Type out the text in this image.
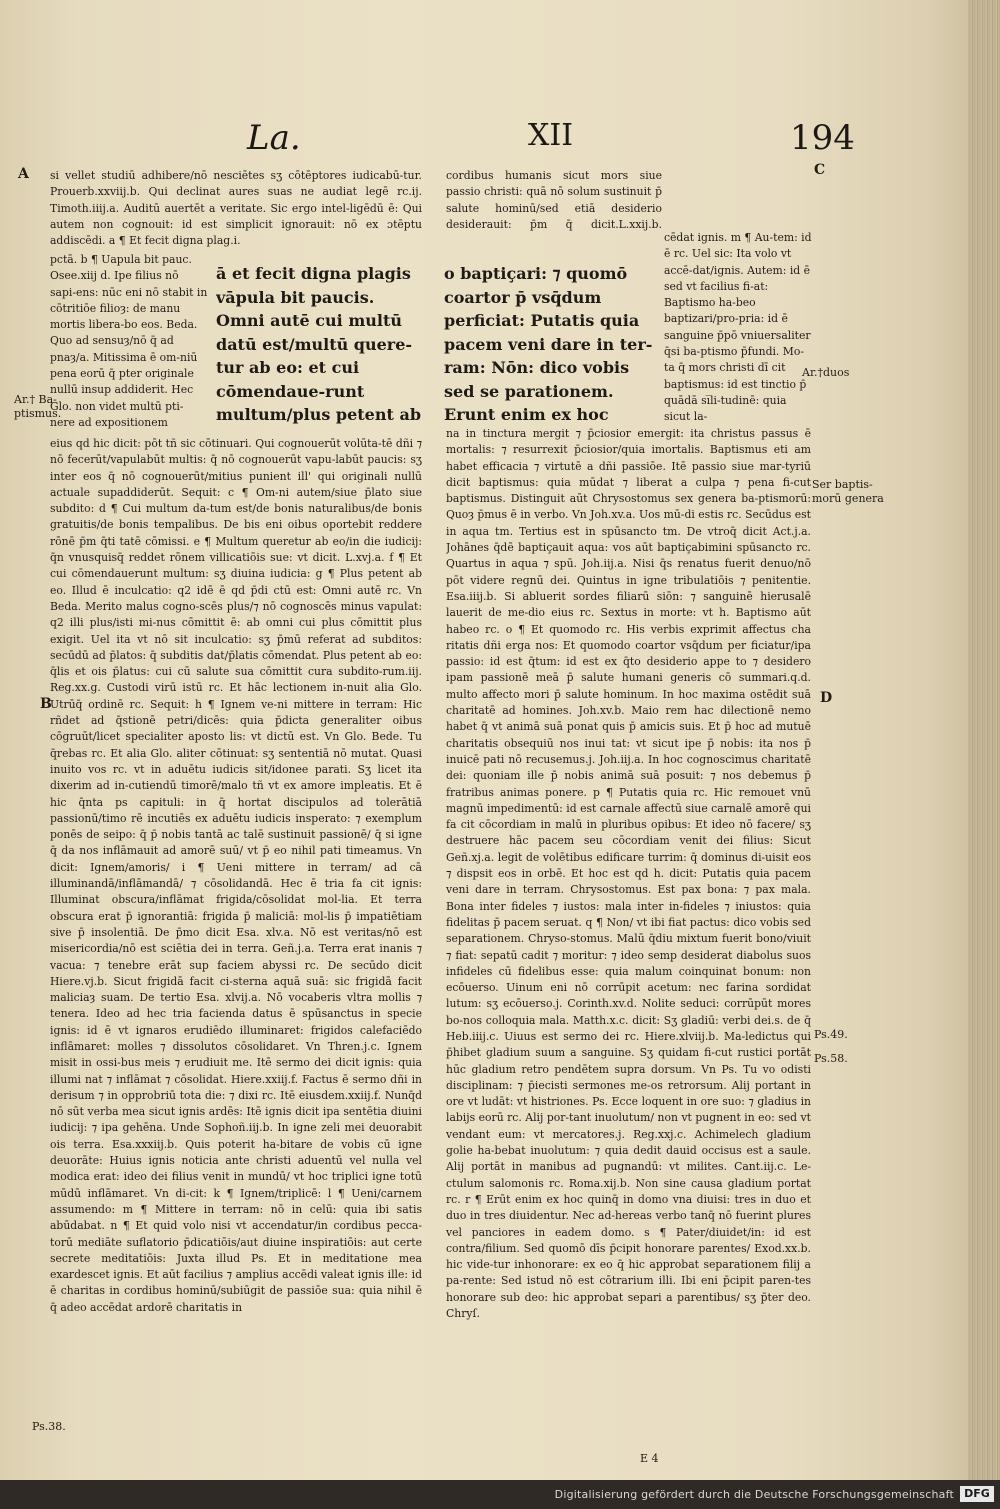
La.	XII	194
A
B
C
D
Ar.† Ba-
ptismus.
Ar.†duos
Ser baptis-
morū genera
Ps.49.
Ps.58.
Ps.38.

si vellet studiū adhibere/nō nesciētes sʒ cōtēptores iudicabū-tur. Prouerb.xxviij.b. Qui declinat aures suas ne audiat legē rc.ij. Timoth.iiij.a. Auditū auertēt a veritate. Sic ergo intel-ligēdū ē: Qui autem non cognouit: id est simplicit ignorauit: nō ex ɔtēptu addiscēdi. a ¶ Et fecit digna plag.i.

eius qd hic dicit: pōt tñ sic cōtinuari. Qui cognouerūt volūta-tē dñi ⁊ nō fecerūt/vapulabūt multis: q̄ nō cognouerūt vapu-labūt paucis: sʒ inter eos q̄ nō cognouerūt/mitius punient ill' qui originali nullū actuale supaddiderūt. Sequit: c ¶ Om-ni autem/siue p̄lato siue subdito: d ¶ Cui multum da-tum est/de bonis naturalibus/de bonis gratuitis/de bonis tempalibus. De bis eni oibus oportebit reddere rōnē p̄m q̄ti tatē cōmissi. e ¶ Multum queretur ab eo/in die iudicij: q̄n vnusquisq̄ reddet rōnem villicatiōis sue: vt dicit. L.xvj.a. f ¶ Et cui cōmendauerunt multum: sʒ diuina iudicia: g ¶ Plus petent ab eo. Illud ē inculcatio: q2 idē ē qd p̄di ctū est: Omni autē rc. Vn Beda. Merito malus cogno-scēs plus/⁊ nō cognoscēs minus vapulat: q2 illi plus/isti mi-nus cōmittit ē: ab omni cui plus cōmittit plus exigit. Uel ita vt nō sit inculcatio: sʒ p̄mū referat ad subditos: secūdū ad p̄latos: q̄ subditis dat/p̄latis cōmendat. Plus petent ab eo: q̄lis et ois p̄latus: cui cū salute sua cōmittit cura subdito-rum.iij. Reg.xx.g. Custodi virū istū rc. Et hāc lectionem in-nuit alia Glo. Utrūq̄ ordinē rc. Sequit: h ¶ Ignem ve-ni mittere in terram: Hic rñdet ad q̄stionē petri/dicēs: quia p̄dicta generaliter oibus cōgruūt/licet specialiter aposto lis: vt dictū est. Vn Glo. Bede. Tu q̄rebas rc. Et alia Glo. aliter cōtinuat: sʒ sententiā nō mutat. Quasi inuito vos rc. vt in aduētu iudicis sit/idonee parati. Sʒ licet ita dixerim ad in-cutiendū timorē/malo tñ vt ex amore impleatis. Et ē hic q̄nta ps capituli: in q̄ hortat discipulos ad tolerātiā passionū/timo rē incutiēs ex aduētu iudicis insperato: ⁊ exemplum ponēs de seipo: q̄ p̄ nobis tantā ac talē sustinuit passionē/ q̄ si igne q̄ da nos inflāmauit ad amorē suū/ vt p̄ eo nihil pati timeamus. Vn dicit: Ignem/amoris/ i ¶ Ueni mittere in terram/ ad cā illuminandā/inflāmandā/ ⁊ cōsolidandā. Hec ē tria fa cit ignis: Illuminat obscura/inflāmat frigida/cōsolidat mol-lia. Et terra obscura erat p̄ ignorantiā: frigida p̄ maliciā: mol-lis p̄ impatiētiam sive p̄ insolentiā. De p̄mo dicit Esa. xlv.a. Nō est veritas/nō est misericordia/nō est sciētia dei in terra. Geñ.j.a. Terra erat inanis ⁊ vacua: ⁊ tenebre erāt sup faciem abyssi rc. De secūdo dicit Hiere.vj.b. Sicut frigidā facit ci-sterna aquā suā: sic frigidā facit maliciaȝ suam. De tertio Esa. xlvij.a. Nō vocaberis vltra mollis ⁊ tenera. Ideo ad hec tria facienda datus ē spūsanctus in specie ignis: id ē vt ignaros erudiēdo illuminaret: frigidos calefaciēdo inflāmaret: molles ⁊ dissolutos cōsolidaret. Vn Thren.j.c. Ignem misit in ossi-bus meis ⁊ erudiuit me. Itē sermo dei dicit ignis: quia illumi nat ⁊ inflāmat ⁊ cōsolidat. Hiere.xxiij.f. Factus ē sermo dñi in derisum ⁊ in opprobriū tota die: ⁊ dixi rc. Itē eiusdem.xxiij.f. Nunq̄d nō sūt verba mea sicut ignis ardēs: Itē ignis dicit ipa sentētia diuini iudicij: ⁊ ipa gehēna. Unde Sophoñ.iij.b. In igne zeli mei deuorabit ois terra. Esa.xxxiij.b. Quis poterit ha-bitare de vobis cū igne deuorāte: Huius ignis noticia ante christi aduentū vel nulla vel modica erat: ideo dei filius venit in mundū/ vt hoc triplici igne totū mūdū inflāmaret. Vn di-cit: k ¶ Ignem/triplicē: l ¶ Ueni/carnem assumendo: m ¶ Mittere in terram: nō in celū: quia ibi satis abūdabat. n ¶ Et quid volo nisi vt accendatur/in cordibus pecca-torū mediāte suflatorio p̄dicatiōis/aut diuine inspiratiōis: aut certe secrete meditatiōis: Juxta illud Ps. Et in meditatione mea exardescet ignis. Et aūt facilius ⁊ amplius accēdi valeat ignis ille: id ē charitas in cordibus hominū/subiūgit de passiōe sua: quia nihil ē q̄ adeo accēdat ardorē charitatis in

pctā. b ¶ Uapula bit pauc. Osee.xiij d. Ipe filius nō sapi-ens: nūc eni nō stabit in cōtritiōe filioȝ: de manu mortis libera-bo eos. Beda. Quo ad sensuȝ/nō q̄ ad pnaȝ/a. Mitissima ē om-niū pena eorū q̄ pter originale nullū insup addiderit. Hec Glo. non videt multū pti-nere ad expositionem
ā et fecit digna plagis vāpula bit paucis. Omni autē cui multū datū est/multū quere-tur ab eo: et cui cōmendaue-runt multum/plus petent ab
o baptiçari: ⁊ quomō coartor p̄ vsq̄dum perficiat: Putatis quia pacem veni dare in ter-ram: Nōn: dico vobis sed se parationem. Erunt enim ex hoc
cēdat ignis. m ¶ Au-tem: id ē rc. Uel sic: Ita volo vt accē-dat/ignis. Autem: id ē sed vt facilius fi-at: Baptismo ha-beo baptizari/pro-pria: id ē sanguine p̄pō vniuersaliter q̄si ba-ptismo p̄fundi. Mo-ta q̄ mors christi dī cit baptismus: id est tinctio p̄ quādā si̅li-tudinē: quia sicut la-

cordibus humanis sicut mors siue passio christi: quā nō solum sustinuit p̄ salute hominū/sed etiā desiderio desiderauit: p̄m q̄ dicit.L.xxij.b.

na in tinctura mergit ⁊ p̄ciosior emergit: ita christus passus ē mortalis: ⁊ resurrexit p̄ciosior/quia imortalis. Baptismus eti am habet efficacia ⁊ virtutē a dñi passiōe. Itē passio siue mar-tyriū dicit baptismus: quia mūdat ⁊ liberat a culpa ⁊ pena fi-cut baptismus. Distinguit aūt Chrysostomus sex genera ba-ptismorū: Quoȝ p̄mus ē in verbo. Vn Joh.xv.a. Uos mū-di estis rc. Secūdus est in aqua tm. Tertius est in spūsancto tm. De vtroq̄ dicit Act.j.a. Johānes q̄dē baptiçauit aqua: vos aūt baptiçabimini spūsancto rc. Quartus in aqua ⁊ spū. Joh.iij.a. Nisi q̄s renatus fuerit denuo/nō pōt videre regnū dei. Quintus in igne tribulatiōis ⁊ penitentie. Esa.iiij.b. Si abluerit sordes filiarū siōn: ⁊ sanguinē hierusalē lauerit de me-dio eius rc. Sextus in morte: vt h. Baptismo aūt habeo rc. o ¶ Et quomodo rc. His verbis exprimit affectus cha ritatis dñi erga nos: Et quomodo coartor vsq̄dum per ficiatur/ipa passio: id est q̄tum: id est ex q̄to desiderio appe to ⁊ desidero ipam passionē meā p̄ salute humani generis cō summari.q.d. multo affecto mori p̄ salute hominum. In hoc maxima ostēdit suā charitatē ad homines. Joh.xv.b. Maio rem hac dilectionē nemo habet q̄ vt animā suā ponat quis p̄ amicis suis. Et p̄ hoc ad mutuē charitatis obsequiū nos inui tat: vt sicut ipe p̄ nobis: ita nos p̄ inuicē pati nō recusemus.j. Joh.iij.a. In hoc cognoscimus charitatē dei: quoniam ille p̄ nobis animā suā posuit: ⁊ nos debemus p̄ fratribus animas ponere. p ¶ Putatis quia rc. Hic remouet vnū magnū impedimentū: id est carnale affectū siue carnalē amorē qui fa cit cōcordiam in malū in pluribus opibus: Et ideo nō facere/ sʒ destruere hāc pacem seu cōcordiam venit dei filius: Sicut Geñ.xj.a. legit de volētibus edificare turrim: q̄ dominus di-uisit eos ⁊ dispsit eos in orbē. Et hoc est qd h. dicit: Putatis quia pacem veni dare in terram. Chrysostomus. Est pax bona: ⁊ pax mala. Bona inter fideles ⁊ iustos: mala inter in-fideles ⁊ iniustos: quia fidelitas p̄ pacem seruat. q ¶ Non/ vt ibi fiat pactus: dico vobis sed separationem. Chryso-stomus. Malū q̄diu mixtum fuerit bono/viuit ⁊ fiat: sepatū cadit ⁊ moritur: ⁊ ideo semp desiderat diabolus suos infideles cū fidelibus esse: quia malum coinquinat bonum: non ecōuerso. Uinum eni nō corrūpit acetum: nec farina sordidat lutum: sʒ ecōuerso.j. Corinth.xv.d. Nolite seduci: corrūpūt mores bo-nos colloquia mala. Matth.x.c. dicit: Sʒ gladiū: verbi dei.s. de q̄ Heb.iiij.c. Uiuus est sermo dei rc. Hiere.xlviij.b. Ma-ledictus qui p̄hibet gladium suum a sanguine. Sʒ quidam fi-cut rustici portāt hūc gladium retro pendētem supra dorsum. Vn Ps. Tu vo odisti disciplinam: ⁊ p̄iecisti sermones me-os retrorsum. Alij portant in ore vt ludāt: vt histriones. Ps. Ecce loquent in ore suo: ⁊ gladius in labijs eorū rc. Alij por-tant inuolutum/ non vt pugnent in eo: sed vt vendant eum: vt mercatores.j. Reg.xxj.c. Achimelech gladium golie ha-bebat inuolutum: ⁊ quia dedit dauid occisus est a saule. Alij portāt in manibus ad pugnandū: vt milites. Cant.iij.c. Le-ctulum salomonis rc. Roma.xij.b. Non sine causa gladium portat rc. r ¶ Erūt enim ex hoc quinq̄ in domo vna diuisi: tres in duo et duo in tres diuidentur. Nec ad-hereas verbo tanq̄ nō fuerint plures vel panciores in eadem domo. s ¶ Pater/diuidet/in: id est contra/filium. Sed quomō dīs p̄cipit honorare parentes/ Exod.xx.b. hic vide-tur inhonorare: ex eo q̄ hic approbat separationem filij a pa-rente: Sed istud nō est cōtrarium illi. Ibi eni p̄cipit paren-tes honorare sub deo: hic approbat separi a parentibus/ sʒ p̄ter deo. Chryſ.

E 4
Digitalisierung gefördert durch die Deutsche Forschungsgemeinschaft DFG
